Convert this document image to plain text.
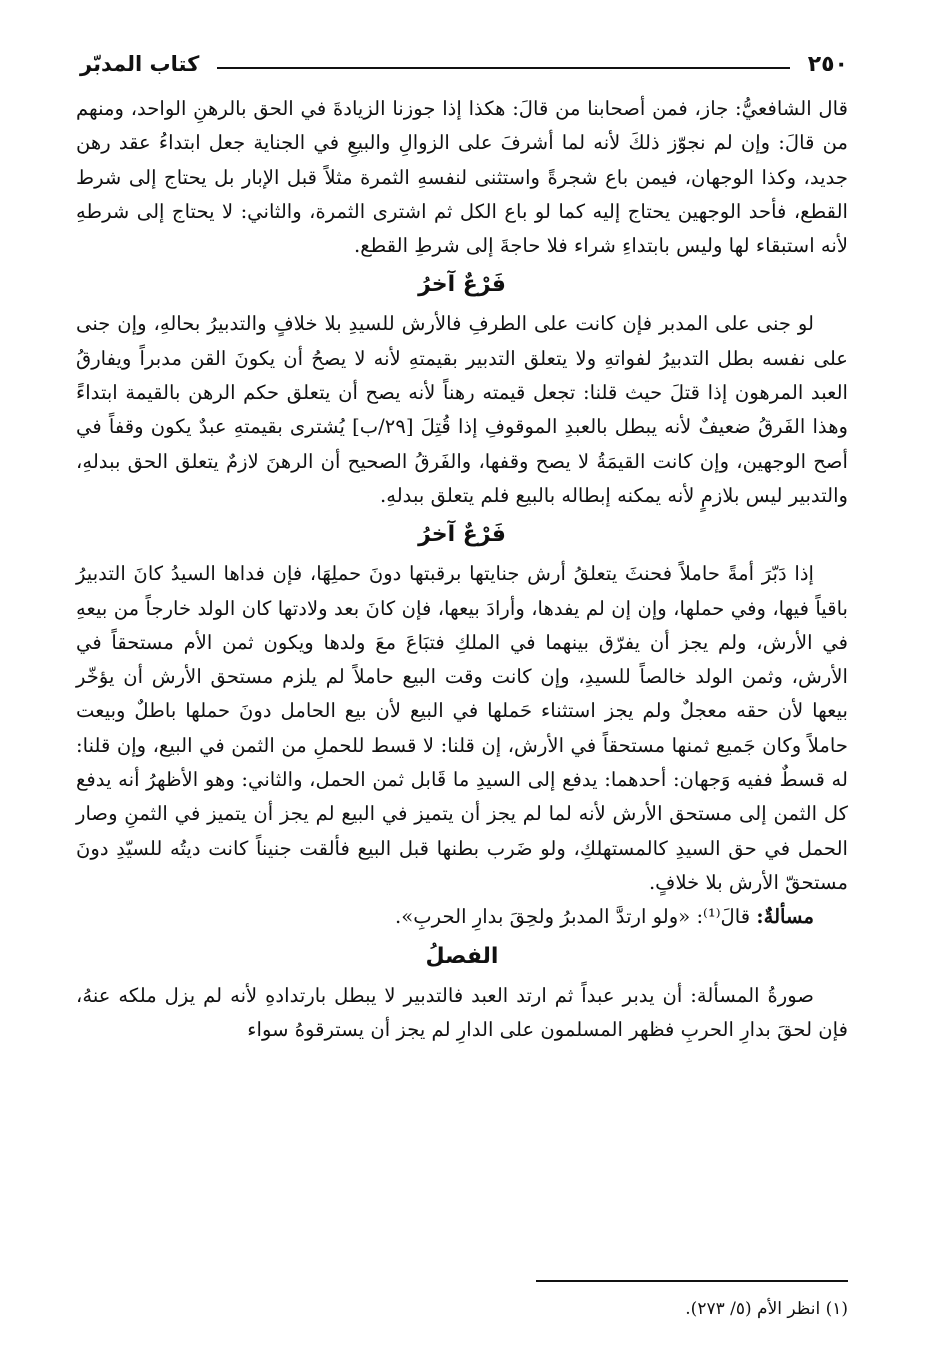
٢٥٠
كتاب المدبّر

قال الشافعيُّ: جاز، فمن أصحابنا من قالَ: هكذا إذا جوزنا الزيادةَ في الحق بالرهنِ الواحد، ومنهم من قالَ: وإن لم نجوّز ذلكَ لأنه لما أشرفَ على الزوالِ والبيعِ في الجناية جعل ابتداءُ عقد رهن جديد، وكذا الوجهان، فيمن باع شجرةً واستثنى لنفسهِ الثمرة مثلاً قبل الإبار بل يحتاج إلى شرط القطع، فأحد الوجهين يحتاج إليه كما لو باع الكل ثم اشترى الثمرة، والثاني: لا يحتاج إلى شرطهِ لأنه استبقاء لها وليس بابتداءِ شراء فلا حاجةَ إلى شرطِ القطع.

فَرْعٌ آخرُ

لو جنى على المدبر فإن كانت على الطرفِ فالأرش للسيدِ بلا خلافٍ والتدبيرُ بحالهِ، وإن جنى على نفسه بطل التدبيرُ لفواتهِ ولا يتعلق التدبير بقيمتهِ لأنه لا يصحُ أن يكونَ القن مدبراً ويفارقُ العبد المرهون إذا قتلَ حيث قلنا: تجعل قيمته رهناً لأنه يصح أن يتعلق حكم الرهن بالقيمة ابتداءً وهذا الفَرقُ ضعيفٌ لأنه يبطل بالعبدِ الموقوفِ إذا قُتِلَ [٢٩/ب] يُشترى بقيمتهِ عبدٌ يكون وقفاً في أصح الوجهين، وإن كانت القيمَةُ لا يصح وقفها، والفَرقُ الصحيح أن الرهنَ لازمٌ يتعلق الحق ببدلهِ، والتدبير ليس بلازمٍ لأنه يمكنه إبطاله بالبيع فلم يتعلق ببدلهِ.

فَرْعٌ آخرُ

إذا دَبّرَ أمةً حاملاً فحنثَ يتعلقُ أرش جنايتها برقبتها دونَ حملِهَا، فإن فداها السيدُ كانَ التدبيرُ باقياً فيها، وفي حملها، وإن إن لم يفدها، وأرادَ بيعها، فإن كانَ بعد ولادتها كان الولد خارجاً من بيعهِ في الأرش، ولم يجز أن يفرّق بينهما في الملكِ فتبَاعَ معَ ولدها ويكون ثمن الأم مستحقاً في الأرش، وثمن الولد خالصاً للسيدِ، وإن كانت وقت البيع حاملاً لم يلزم مستحق الأرش أن يؤخّر بيعها لأن حقه معجلٌ ولم يجز استثناء حَملها في البيع لأن بيع الحامل دونَ حملها باطلٌ وبيعت حاملاً وكان جَميع ثمنها مستحقاً في الأرش، إن قلنا: لا قسط للحملِ من الثمن في البيع، وإن قلنا: له قسطٌ ففيه وَجهان: أحدهما: يدفع إلى السيدِ ما قَابل ثمن الحمل، والثاني: وهو الأظهرُ أنه يدفع كل الثمن إلى مستحق الأرش لأنه لما لم يجز أن يتميز في البيع لم يجز أن يتميز في الثمنِ وصار الحمل في حق السيدِ كالمستهلكِ، ولو ضَرب بطنها قبل البيع فألقت جنيناً كانت ديتُه للسيّدِ دونَ مستحقّ الأرش بلا خلافٍ.

مسألةٌ: قالَ⁽¹⁾: «ولو ارتدَّ المدبرُ ولحِقَ بدارِ الحربِ».

الفصلُ

صورةُ المسألة: أن يدبر عبداً ثم ارتد العبد فالتدبير لا يبطل بارتدادهِ لأنه لم يزل ملكه عنهُ، فإن لحقَ بدارِ الحربِ فظهر المسلمون على الدارِ لم يجز أن يسترقوهُ سواء

(١) انظر الأم (٥/ ٢٧٣).
